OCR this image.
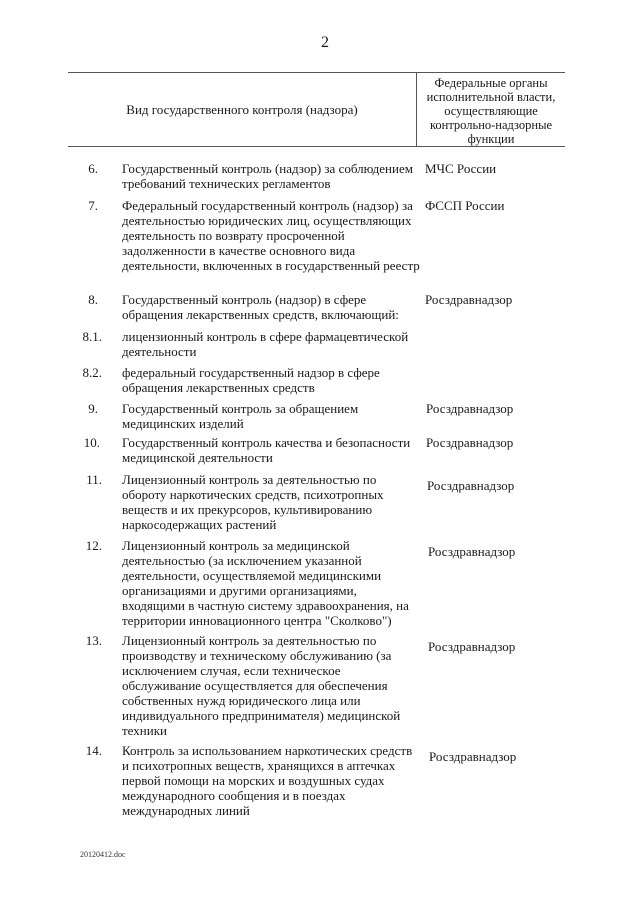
2
Вид государственного контроля (надзора)
Федеральные органы
исполнительной власти,
осуществляющие
контрольно-надзорные
функции
6. Государственный контроль (надзор) за соблюдением требований технических регламентов
МЧС России
7. Федеральный государственный контроль (надзор) за деятельностью юридических лиц, осуществляющих деятельность по возврату просроченной задолженности в качестве основного вида деятельности, включенных в государственный реестр
ФССП России
8. Государственный контроль (надзор) в сфере обращения лекарственных средств, включающий:
Росздравнадзор
8.1. лицензионный контроль в сфере фармацевтической деятельности
8.2. федеральный государственный надзор в сфере обращения лекарственных средств
9. Государственный контроль за обращением медицинских изделий
Росздравнадзор
10. Государственный контроль качества и безопасности медицинской деятельности
Росздравнадзор
11. Лицензионный контроль за деятельностью по обороту наркотических средств, психотропных веществ и их прекурсоров, культивированию наркосодержащих растений
Росздравнадзор
12. Лицензионный контроль за медицинской деятельностью (за исключением указанной деятельности, осуществляемой медицинскими организациями и другими организациями, входящими в частную систему здравоохранения, на территории инновационного центра "Сколково")
Росздравнадзор
13. Лицензионный контроль за деятельностью по производству и техническому обслуживанию (за исключением случая, если техническое обслуживание осуществляется для обеспечения собственных нужд юридического лица или индивидуального предпринимателя) медицинской техники
Росздравнадзор
14. Контроль за использованием наркотических средств и психотропных веществ, хранящихся в аптечках первой помощи на морских и воздушных судах международного сообщения и в поездах международных линий
Росздравнадзор
20120412.doc
